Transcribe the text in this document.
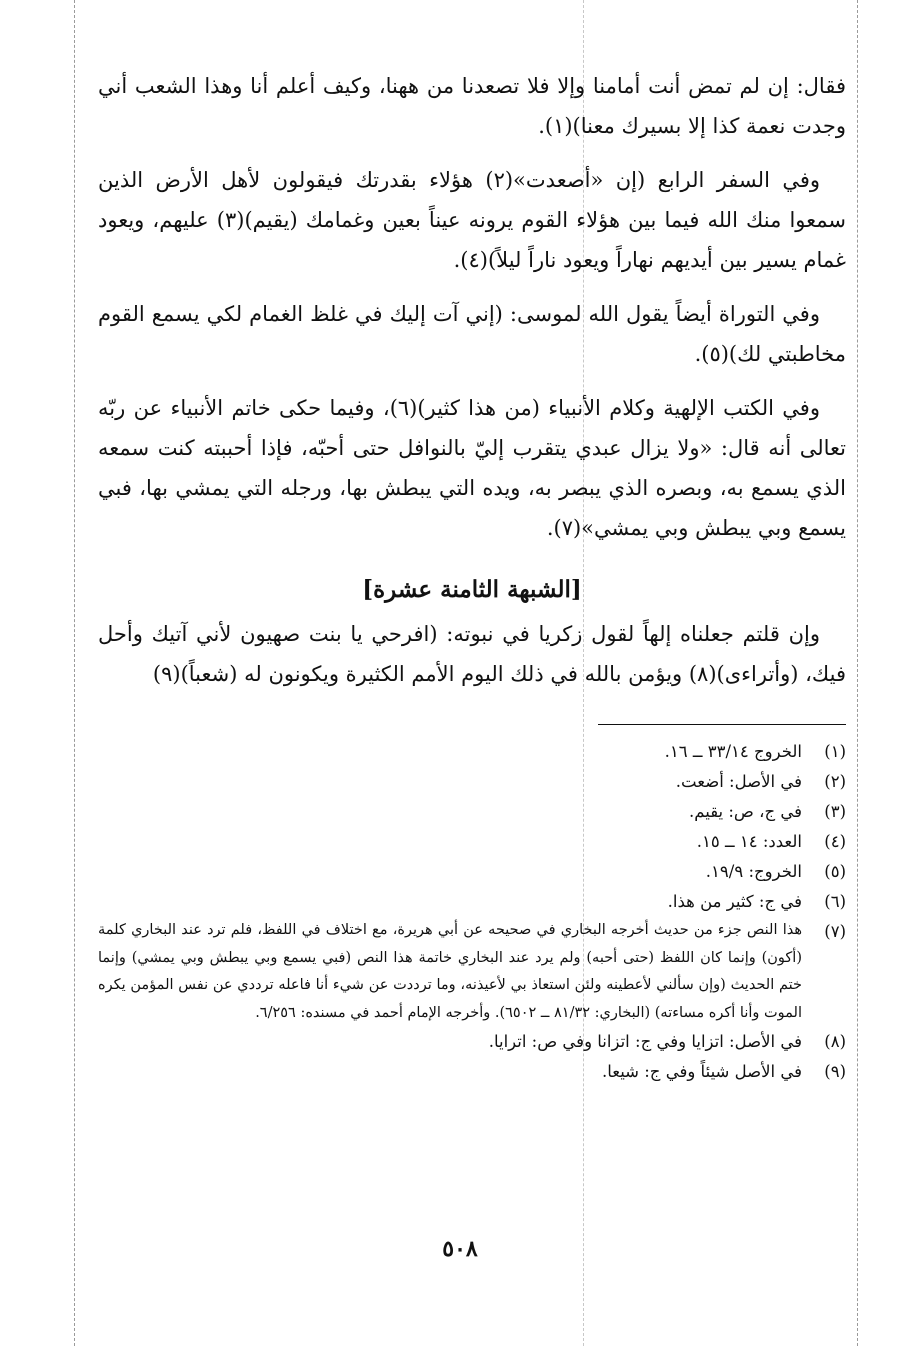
فقال: إن لم تمض أنت أمامنا وإلا فلا تصعدنا من ههنا، وكيف أعلم أنا وهذا الشعب أني وجدت نعمة كذا إلا بسيرك معنا)(١).

وفي السفر الرابع (إن «أصعدت»(٢) هؤلاء بقدرتك فيقولون لأهل الأرض الذين سمعوا منك الله فيما بين هؤلاء القوم يرونه عيناً بعين وغمامك (يقيم)(٣) عليهم، ويعود غمام يسير بين أيديهم نهاراً ويعود ناراً ليلاً)(٤).

وفي التوراة أيضاً يقول الله لموسى: (إني آت إليك في غلظ الغمام لكي يسمع القوم مخاطبتي لك)(٥).

وفي الكتب الإلهية وكلام الأنبياء (من هذا كثير)(٦)، وفيما حكى خاتم الأنبياء عن ربّه تعالى أنه قال: «ولا يزال عبدي يتقرب إليّ بالنوافل حتى أحبّه، فإذا أحببته كنت سمعه الذي يسمع به، وبصره الذي يبصر به، ويده التي يبطش بها، ورجله التي يمشي بها، فبي يسمع وبي يبطش وبي يمشي»(٧).

[الشبهة الثامنة عشرة]

وإن قلتم جعلناه إلهاً لقول زكريا في نبوته: (افرحي يا بنت صهيون لأني آتيك وأحل فيك، (وأتراءى)(٨) ويؤمن بالله في ذلك اليوم الأمم الكثيرة ويكونون له (شعباً)(٩)

(١)
الخروج ٣٣/١٤ ــ ١٦.
(٢)
في الأصل: أضعت.
(٣)
في ج، ص: يقيم.
(٤)
العدد: ١٤ ــ ١٥.
(٥)
الخروج: ١٩/٩.
(٦)
في ج: كثير من هذا.
(٧)
هذا النص جزء من حديث أخرجه البخاري في صحيحه عن أبي هريرة، مع اختلاف في اللفظ، فلم ترد عند البخاري كلمة (أكون) وإنما كان اللفظ (حتى أحبه) ولم يرد عند البخاري خاتمة هذا النص (فبي يسمع وبي يبطش وبي يمشي) وإنما ختم الحديث (وإن سألني لأعطينه ولئن استعاذ بي لأعيذنه، وما ترددت عن شيء أنا فاعله ترددي عن نفس المؤمن يكره الموت وأنا أكره مساءته) (البخاري: ٨١/٣٢ ــ ٦٥٠٢). وأخرجه الإمام أحمد في مسنده: ٦/٢٥٦.
(٨)
في الأصل: اتزايا وفي ج: اتزانا وفي ص: اترايا.
(٩)
في الأصل شيئاً وفي ج: شيعا.
٥٠٨
